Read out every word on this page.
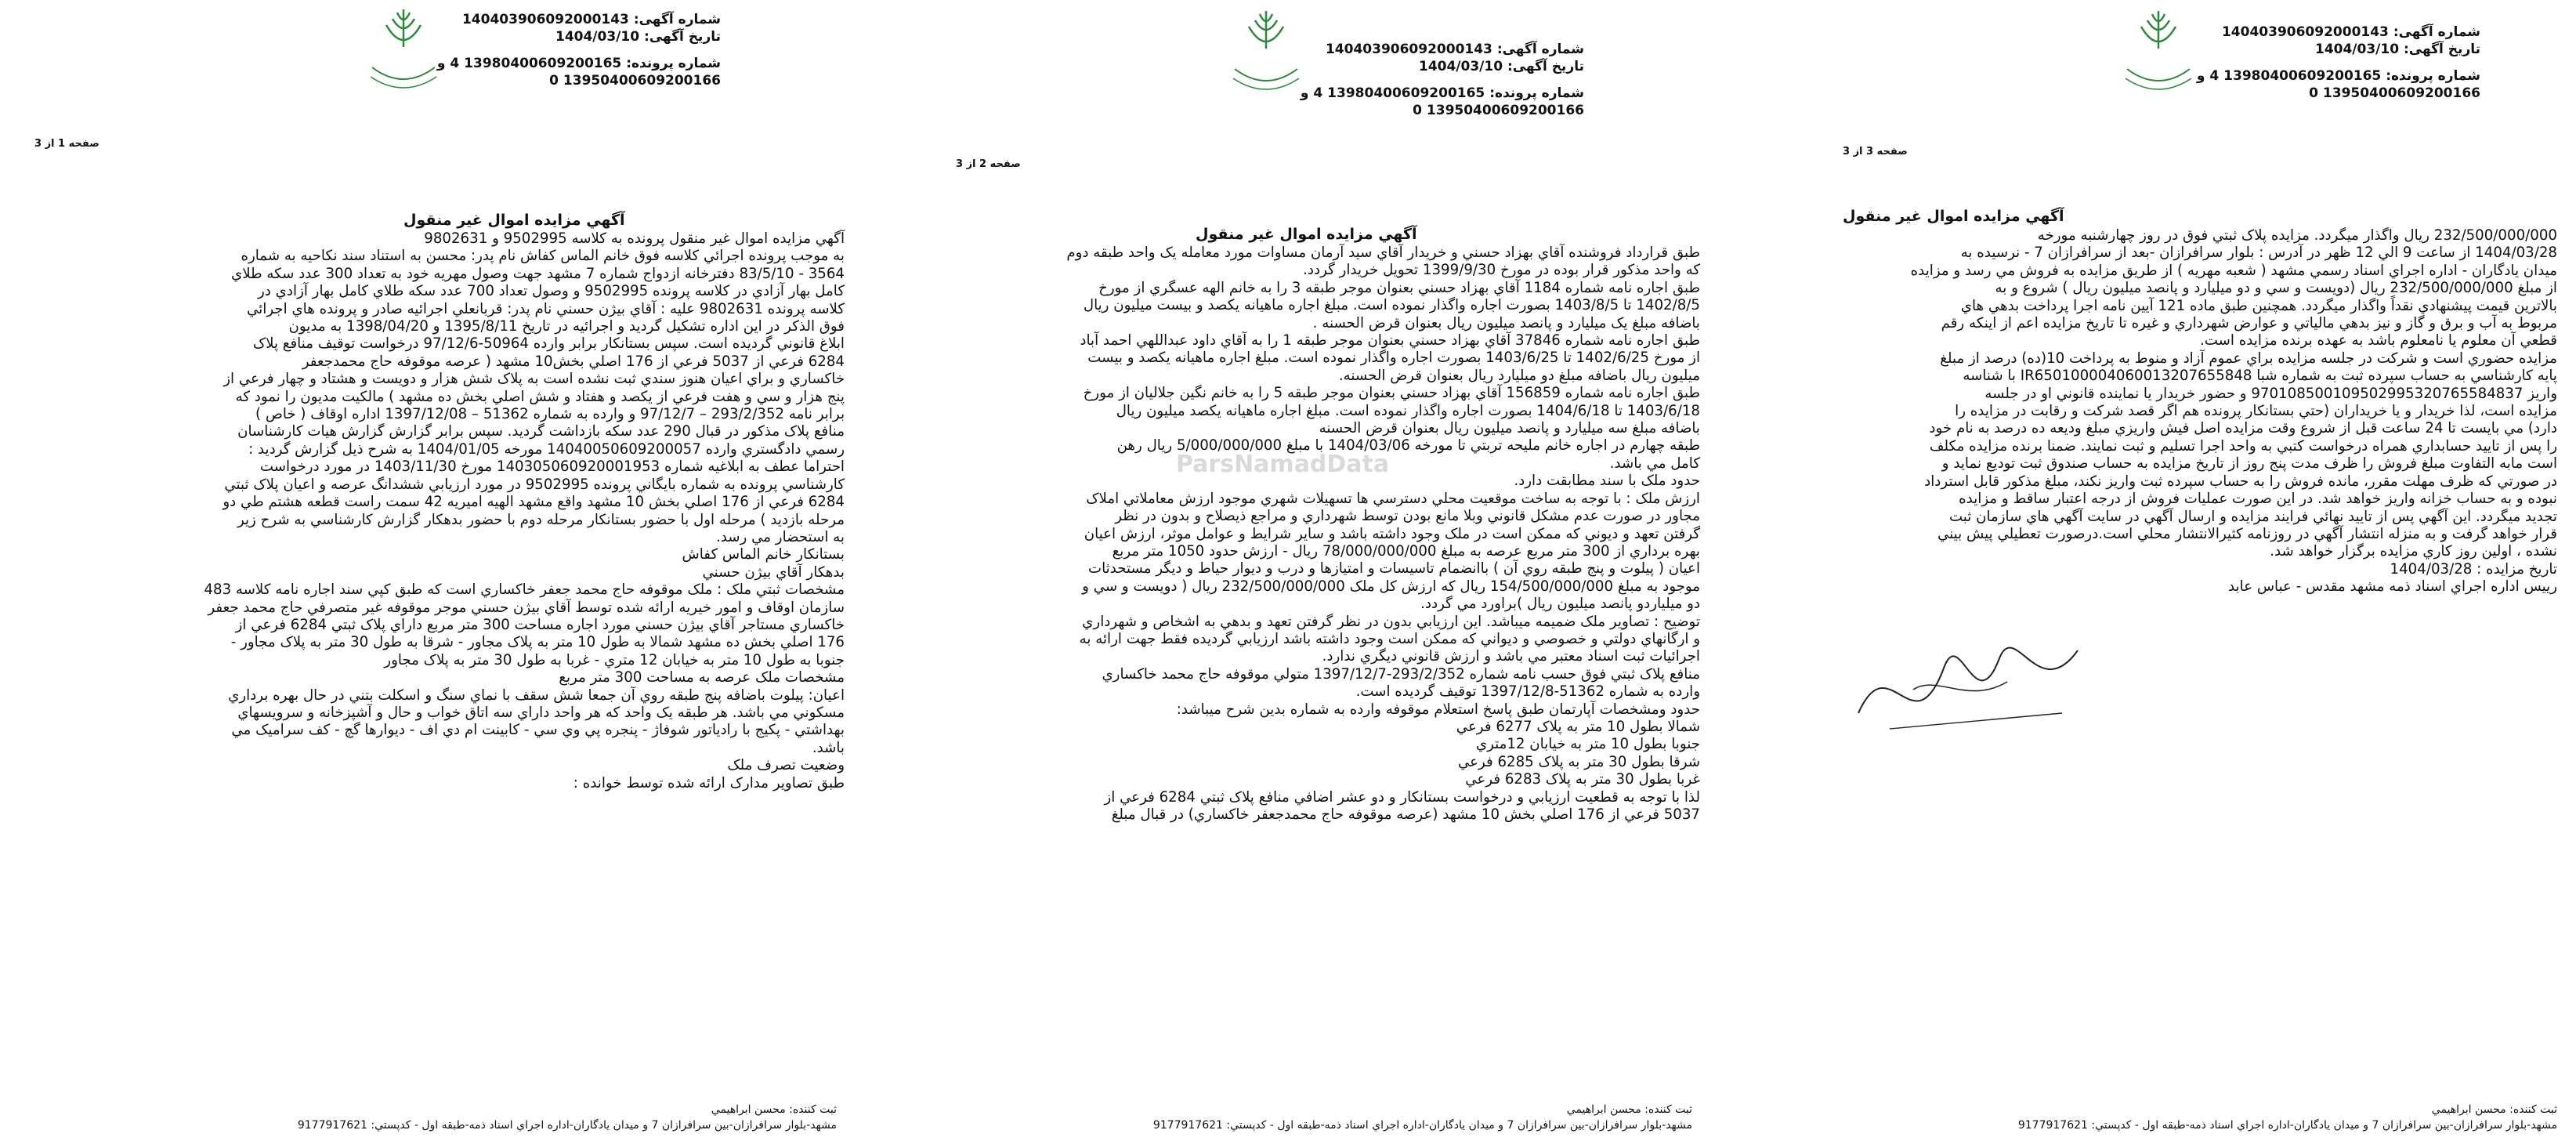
شماره آگهی: 140403906092000143
تاریخ آگهی: 1404/03/10
شماره پرونده: 13980400609200165 4 و
13950400609200166 0
صفحه 1 از 3
آگهي مزايده اموال غير منقول

آگهي مزايده اموال غير منقول پرونده به کلاسه 9502995 و 9802631

به موجب پرونده اجرائي کلاسه فوق خانم الماس کفاش نام پدر: محسن به استناد سند نکاحيه به شماره

3564 - 83/5/10 دفترخانه ازدواج شماره 7 مشهد جهت وصول مهريه خود به تعداد 300 عدد سکه طلاي

کامل بهار آزادي در کلاسه پرونده 9502995 و وصول تعداد 700 عدد سکه طلاي کامل بهار آزادي در

کلاسه پرونده 9802631 عليه : آقاي بيژن حسني نام پدر: قربانعلي اجرائيه صادر و پرونده هاي اجرائي

فوق الذکر در اين اداره تشکيل گرديد و اجرائيه در تاريخ 1395/8/11 و 1398/04/20 به مديون

ابلاغ قانوني گرديده است. سپس بستانکار برابر وارده 50964-97/12/6 درخواست توقيف منافع پلاک

6284 فرعي از 5037 فرعي از 176 اصلي بخش10 مشهد ( عرصه موقوفه حاج محمدجعفر

خاکساري و براي اعيان هنوز سندي ثبت نشده است به پلاک شش هزار و دويست و هشتاد و چهار فرعي از

پنج هزار و سي و هفت فرعي از يکصد و هفتاد و شش اصلي بخش ده مشهد ) مالکيت مديون را نمود که

برابر نامه 293/2/352 – 97/12/7 و وارده به شماره 51362 – 1397/12/08 اداره اوقاف ( خاص )

منافع پلاک مذکور در قبال 290 عدد سکه بازداشت گرديد. سپس برابر گزارش گزارش هيات کارشناسان

رسمي دادگستري وارده 14040050609200057 مورخه 1404/01/05 به شرح ذيل گزارش گرديد :

احتراما عطف به ابلاغيه شماره 140305060920001953 مورخ 1403/11/30 در مورد درخواست

کارشناسي پرونده به شماره بايگاني پرونده 9502995 در مورد ارزيابي ششدانگ عرصه و اعيان پلاک ثبتي

6284 فرعي از 176 اصلي بخش 10 مشهد واقع مشهد الهيه اميريه 42 سمت راست قطعه هشتم طي دو

مرحله بازديد ) مرحله اول با حضور بستانکار مرحله دوم با حضور بدهکار گزارش کارشناسي به شرح زير

به استحضار مي رسد.

بستانکار خانم الماس کفاش

بدهکار آقاي بيژن حسني

مشخصات ثبتي ملک : ملک موقوفه حاج محمد جعفر خاکساري است که طبق کپي سند اجاره نامه کلاسه 483

سازمان اوقاف و امور خيريه ارائه شده توسط آقاي بيژن حسني موجر موقوفه غير متصرفي حاج محمد جعفر

خاکساري مستاجر آقاي بيژن حسني مورد اجاره مساحت 300 متر مربع داراي پلاک ثبتي 6284 فرعي از

176 اصلي بخش ده مشهد شمالا به طول 10 متر به پلاک مجاور - شرقا به طول 30 متر به پلاک مجاور -

جنوبا به طول 10 متر به خيابان 12 متري - غربا به طول 30 متر به پلاک مجاور

مشخصات ملک عرصه به مساحت 300 متر مربع

اعيان: پيلوت باضافه پنج طبقه روي آن جمعا شش سقف با نماي سنگ و اسکلت بتني در حال بهره برداري

مسکوني مي باشد. هر طبقه يک واحد که هر واحد داراي سه اتاق خواب و حال و آشپزخانه و سرويسهاي

بهداشتي - پکيج با رادياتور شوفاژ - پنجره پي وي سي - کابينت ام دي اف - ديوارها گچ - کف سراميک مي

باشد.

وضعيت تصرف ملک

طبق تصاوير مدارک ارائه شده توسط خوانده :

ثبت کننده: محسن ابراهيمي
مشهد-بلوار سرافرازان-بين سرافرازان 7 و ميدان يادگاران-اداره اجراي اسناد ذمه-طبقه اول - کدپستي: 9177917621
شماره آگهی: 140403906092000143
تاریخ آگهی: 1404/03/10
شماره پرونده: 13980400609200165 4 و
13950400609200166 0
صفحه 2 از 3
آگهي مزايده اموال غير منقول

طبق قرارداد فروشنده آقاي بهزاد حسني و خريدار آقاي سيد آرمان مساوات مورد معامله يک واحد طبقه دوم

که واحد مذکور قرار بوده در مورخ 1399/9/30 تحويل خريدار گردد.

طبق اجاره نامه شماره 1184 آقاي بهزاد حسني بعنوان موجر طبقه 3 را به خانم الهه عسگري از مورخ

1402/8/5 تا 1403/8/5 بصورت اجاره واگذار نموده است. مبلغ اجاره ماهيانه يکصد و بيست ميليون ريال

باضافه مبلغ يک ميليارد و پانصد ميليون ريال بعنوان قرض الحسنه .

طبق اجاره نامه شماره 37846 آقاي بهزاد حسني بعنوان موجر طبقه 1 را به آقاي داود عبداللهي احمد آباد

از مورخ 1402/6/25 تا 1403/6/25 بصورت اجاره واگذار نموده است. مبلغ اجاره ماهيانه يکصد و بيست

ميليون ريال باضافه مبلغ دو ميليارد ريال بعنوان قرض الحسنه.

طبق اجاره نامه شماره 156859 آقاي بهزاد حسني بعنوان موجر طبقه 5 را به خانم نگين جلاليان از مورخ

1403/6/18 تا 1404/6/18 بصورت اجاره واگذار نموده است. مبلغ اجاره ماهيانه يکصد ميليون ريال

باضافه مبلغ سه ميليارد و پانصد ميليون ريال بعنوان قرض الحسنه

طبقه چهارم در اجاره خانم مليحه تربتي تا مورخه 1404/03/06 با مبلغ 5/000/000/000 ريال رهن

کامل مي باشد.

حدود ملک با سند مطابقت دارد.

ارزش ملک : با توجه به ساخت موقعيت محلي دسترسي ها تسهيلات شهري موجود ارزش معاملاتي املاک

مجاور در صورت عدم مشکل قانوني وبلا مانع بودن توسط شهرداري و مراجع ذيصلاح و بدون در نظر

گرفتن تعهد و ديوني که ممکن است در ملک وجود داشته باشد و ساير شرايط و عوامل موثر، ارزش اعيان

بهره برداري از 300 متر مربع عرصه به مبلغ 78/000/000/000 ريال - ارزش حدود 1050 متر مربع

اعيان ( پيلوت و پنج طبقه روي آن ) باانضمام تاسيسات و امتيازها و درب و ديوار حياط و ديگر مستحدثات

موجود به مبلغ 154/500/000/000 ريال که ارزش کل ملک 232/500/000/000 ريال ( دويست و سي و

دو ميلياردو پانصد ميليون ريال )براورد مي گردد.

توضيح : تصاوير ملک ضميمه ميباشد. اين ارزيابي بدون در نظر گرفتن تعهد و بدهي به اشخاص و شهرداري

و ارگانهاي دولتي و خصوصي و ديواني که ممکن است وجود داشته باشد ارزيابي گرديده فقط جهت ارائه به

اجرائيات ثبت اسناد معتبر مي باشد و ارزش قانوني ديگري ندارد.

منافع پلاک ثبتي فوق حسب نامه شماره 293/2/352-1397/12/7 متولي موقوفه حاج محمد خاکساري

وارده به شماره 51362-1397/12/8 توقيف گرديده است.

حدود ومشخصات آپارتمان طبق پاسخ استعلام موقوفه وارده به شماره بدين شرح ميباشد:

شمالا بطول 10 متر به پلاک 6277 فرعي

جنوبا بطول 10 متر به خيابان 12متري

شرقا بطول 30 متر به پلاک 6285 فرعي

غربا بطول 30 متر به پلاک 6283 فرعي

لذا با توجه به قطعيت ارزيابي و درخواست بستانکار و دو عشر اضافي منافع پلاک ثبتي 6284 فرعي از

5037 فرعي از 176 اصلي بخش 10 مشهد (عرصه موقوفه حاج محمدجعفر خاکساري) در قبال مبلغ

ParsNamadData
ثبت کننده: محسن ابراهيمي
مشهد-بلوار سرافرازان-بين سرافرازان 7 و ميدان يادگاران-اداره اجراي اسناد ذمه-طبقه اول - کدپستي: 9177917621
شماره آگهی: 140403906092000143
تاریخ آگهی: 1404/03/10
شماره پرونده: 13980400609200165 4 و
13950400609200166 0
صفحه 3 از 3
آگهي مزايده اموال غير منقول

232/500/000/000 ريال واگذار ميگردد. مزايده پلاک ثبتي فوق در روز چهارشنبه مورخه

1404/03/28 از ساعت 9 الي 12 ظهر در آدرس : بلوار سرافرازان -بعد از سرافرازان 7 - نرسيده به

ميدان يادگاران - اداره اجراي اسناد رسمي مشهد ( شعبه مهريه ) از طريق مزايده به فروش مي رسد و مزايده

از مبلغ 232/500/000/000 ريال (دويست و سي و دو ميليارد و پانصد ميليون ريال ) شروع و به

بالاترين قيمت پيشنهادي نقداً واگذار ميگردد. همچنين طبق ماده 121 آيين نامه اجرا پرداخت بدهي هاي

مربوط به آب و برق و گاز و نيز بدهي مالياتي و عوارض شهرداري و غيره تا تاريخ مزايده اعم از اينکه رقم

قطعي آن معلوم يا نامعلوم باشد به عهده برنده مزايده است.

مزايده حضوري است و شرکت در جلسه مزايده براي عموم آزاد و منوط به پرداخت 10(ده) درصد از مبلغ

پايه کارشناسي به حساب سپرده ثبت به شماره شبا IR650100004060013207655848 با شناسه

واريز 970108500109502995320765584837 و حضور خريدار يا نماينده قانوني او در جلسه

مزايده است، لذا خريدار و يا خريداران (حتي بستانکار پرونده هم اگر قصد شرکت و رقابت در مزايده را

دارد) مي بايست تا 24 ساعت قبل از شروع وقت مزايده اصل فيش واريزي مبلغ وديعه ده درصد به نام خود

را پس از تاييد حسابداري همراه درخواست کتبي به واحد اجرا تسليم و ثبت نمايند. ضمنا برنده مزايده مکلف

است مابه التفاوت مبلغ فروش را ظرف مدت پنج روز از تاريخ مزايده به حساب صندوق ثبت توديع نمايد و

در صورتي که ظرف مهلت مقرر، مانده فروش را به حساب سپرده ثبت واريز نکند، مبلغ مذکور قابل استرداد

نبوده و به حساب خزانه واريز خواهد شد. در اين صورت عمليات فروش از درجه اعتبار ساقط و مزايده

تجديد ميگردد. اين آگهي پس از تاييد نهائي فرايند مزايده و ارسال آگهي در سايت آگهي هاي سازمان ثبت

قرار خواهد گرفت و به منزله انتشار آگهي در روزنامه کثيرالانتشار محلي است.درصورت تعطيلي پيش بيني

نشده ، اولين روز کاري مزايده برگزار خواهد شد.

تاريخ مزايده : 1404/03/28

رييس اداره اجراي اسناد ذمه مشهد مقدس - عباس عابد

ثبت کننده: محسن ابراهيمي
مشهد-بلوار سرافرازان-بين سرافرازان 7 و ميدان يادگاران-اداره اجراي اسناد ذمه-طبقه اول - کدپستي: 9177917621
